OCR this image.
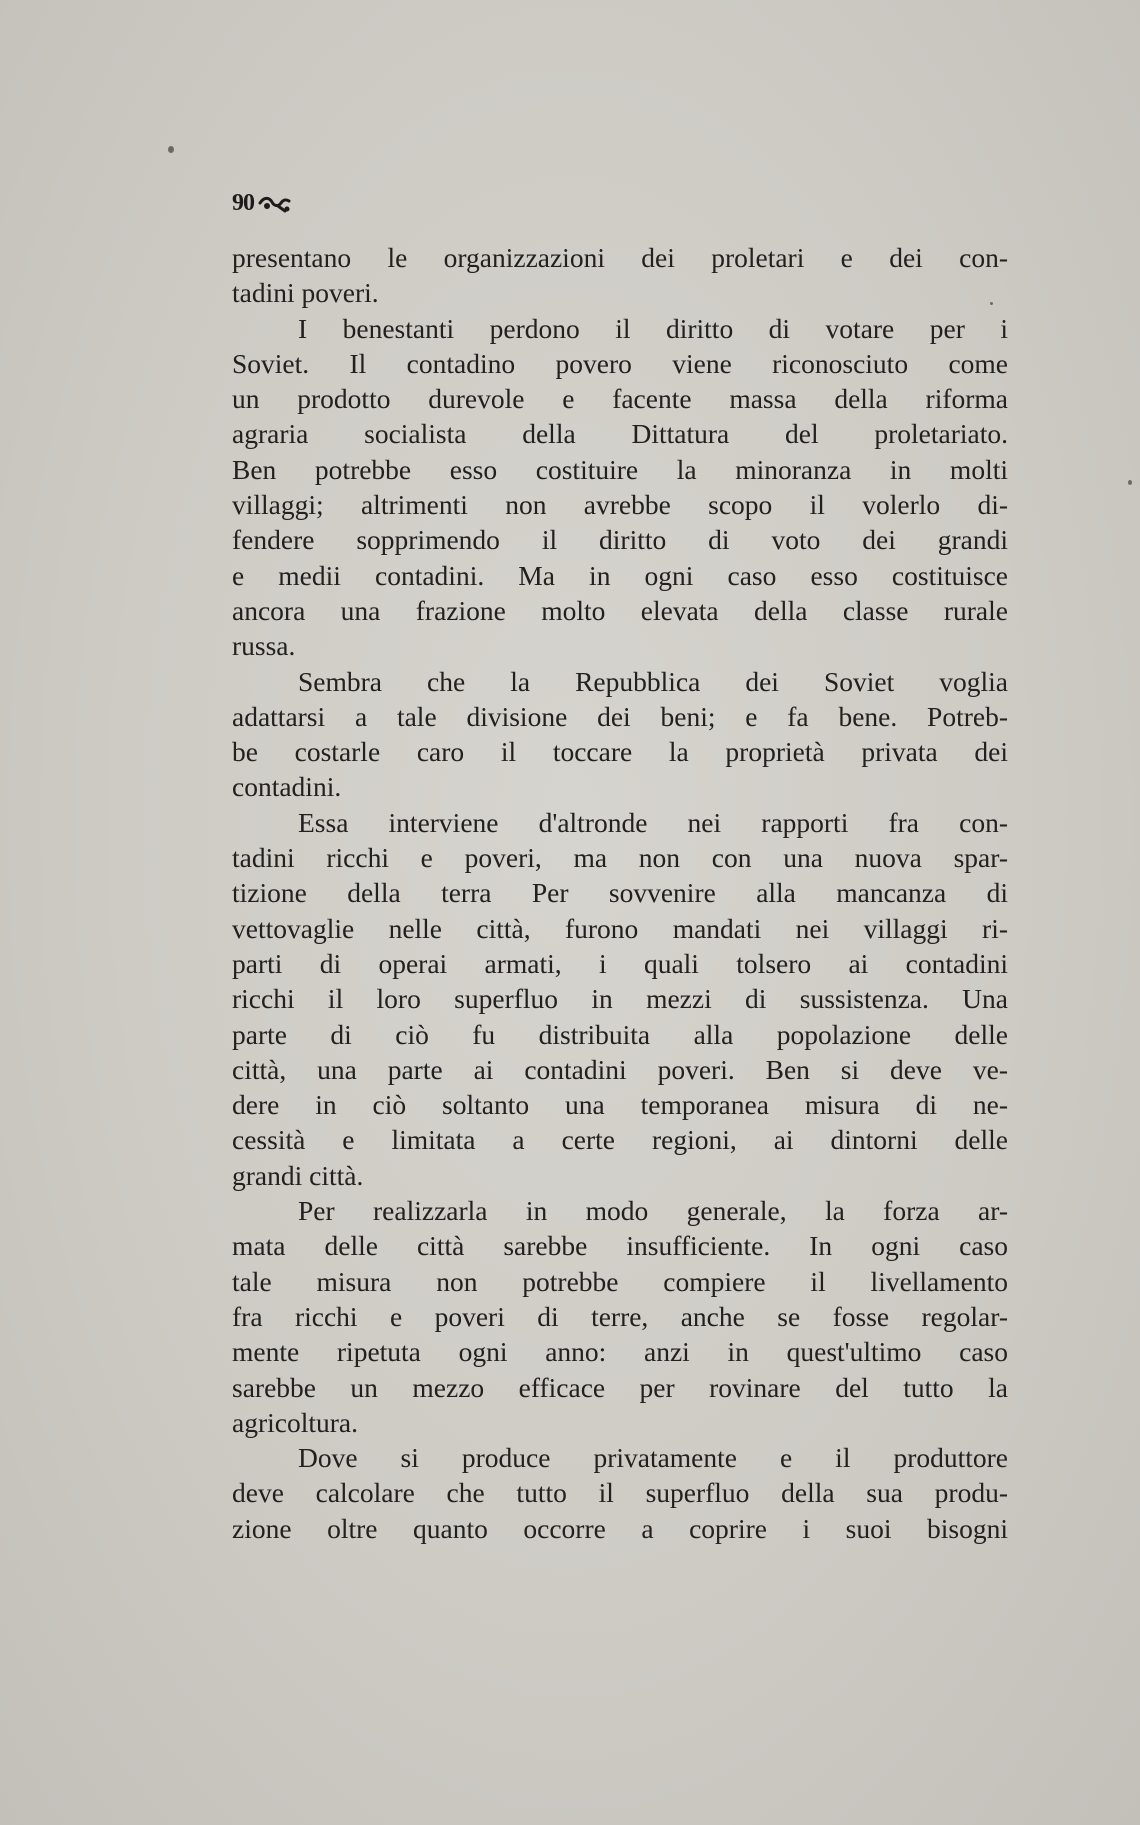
90
presentano le organizzazioni dei proletari e dei con-
tadini poveri.
I benestanti perdono il diritto di votare per i
Soviet. Il contadino povero viene riconosciuto come
un prodotto durevole e facente massa della riforma
agraria socialista della Dittatura del proletariato.
Ben potrebbe esso costituire la minoranza in molti
villaggi; altrimenti non avrebbe scopo il volerlo di-
fendere sopprimendo il diritto di voto dei grandi
e medii contadini. Ma in ogni caso esso costituisce
ancora una frazione molto elevata della classe rurale
russa.
Sembra che la Repubblica dei Soviet voglia
adattarsi a tale divisione dei beni; e fa bene. Potreb-
be costarle caro il toccare la proprietà privata dei
contadini.
Essa interviene d'altronde nei rapporti fra con-
tadini ricchi e poveri, ma non con una nuova spar-
tizione della terra Per sovvenire alla mancanza di
vettovaglie nelle città, furono mandati nei villaggi ri-
parti di operai armati, i quali tolsero ai contadini
ricchi il loro superfluo in mezzi di sussistenza. Una
parte di ciò fu distribuita alla popolazione delle
città, una parte ai contadini poveri. Ben si deve ve-
dere in ciò soltanto una temporanea misura di ne-
cessità e limitata a certe regioni, ai dintorni delle
grandi città.
Per realizzarla in modo generale, la forza ar-
mata delle città sarebbe insufficiente. In ogni caso
tale misura non potrebbe compiere il livellamento
fra ricchi e poveri di terre, anche se fosse regolar-
mente ripetuta ogni anno: anzi in quest'ultimo caso
sarebbe un mezzo efficace per rovinare del tutto la
agricoltura.
Dove si produce privatamente e il produttore
deve calcolare che tutto il superfluo della sua produ-
zione oltre quanto occorre a coprire i suoi bisogni
